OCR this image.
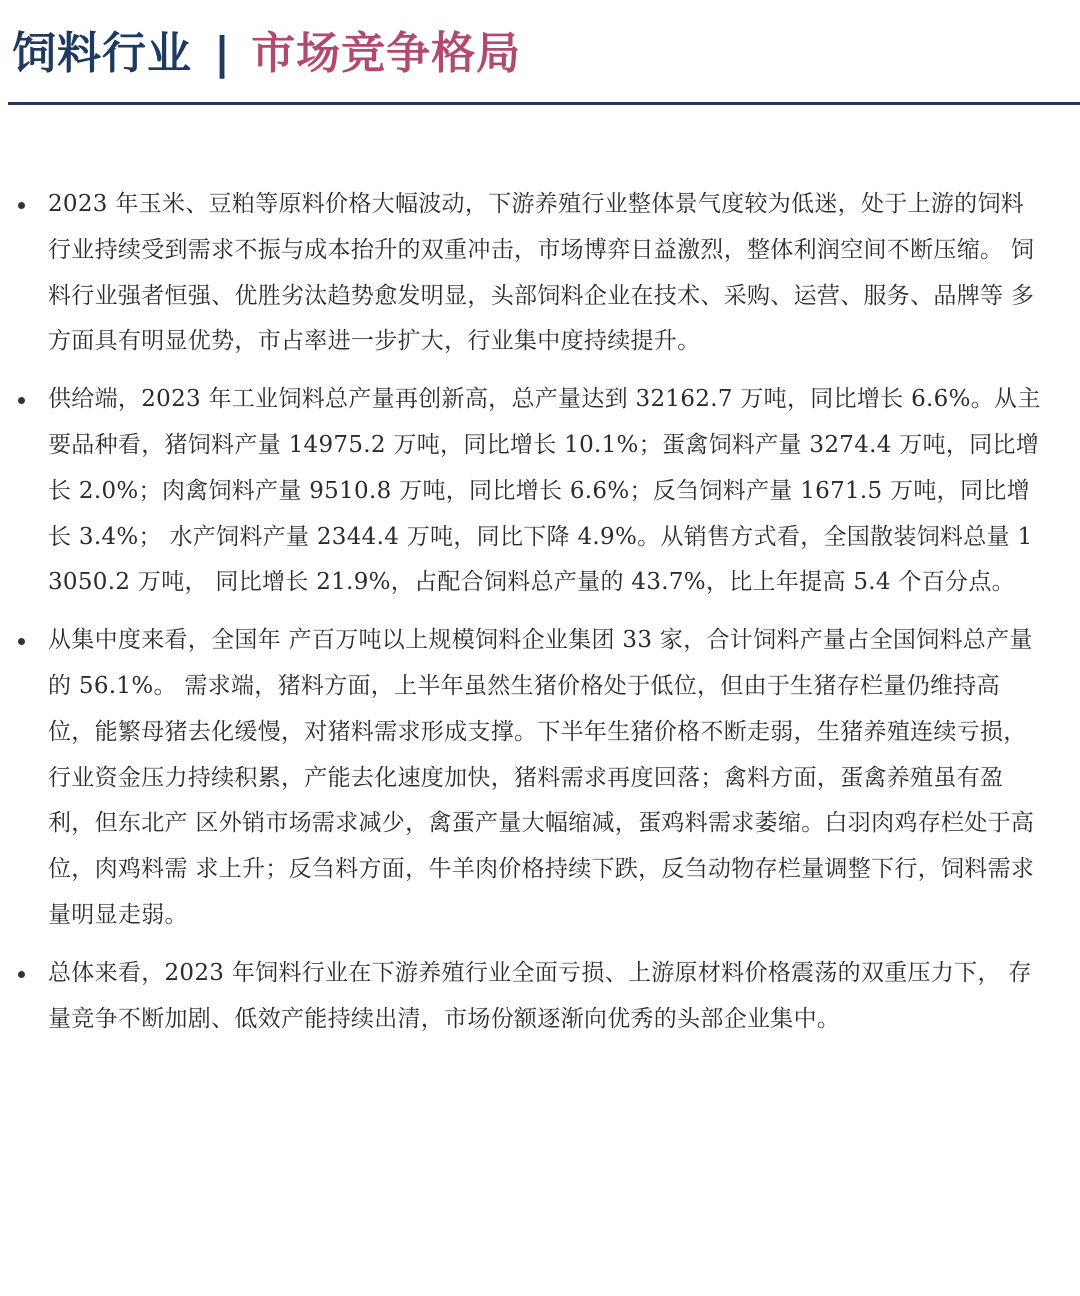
饲料行业 | 市场竞争格局
2023 年玉米、豆粕等原料价格大幅波动，下游养殖行业整体景气度较为低迷，处于上游的饲料行业持续受到需求不振与成本抬升的双重冲击，市场博弈日益激烈，整体利润空间不断压缩。 饲料行业强者恒强、优胜劣汰趋势愈发明显，头部饲料企业在技术、采购、运营、服务、品牌等 多方面具有明显优势，市占率进一步扩大，行业集中度持续提升。
供给端，2023 年工业饲料总产量再创新高，总产量达到 32162.7 万吨，同比增长 6.6%。从主要品种看，猪饲料产量 14975.2 万吨，同比增长 10.1%；蛋禽饲料产量 3274.4 万吨，同比增长 2.0%；肉禽饲料产量 9510.8 万吨，同比增长 6.6%；反刍饲料产量 1671.5 万吨，同比增长 3.4%； 水产饲料产量 2344.4 万吨，同比下降 4.9%。从销售方式看，全国散装饲料总量 13050.2 万吨， 同比增长 21.9%，占配合饲料总产量的 43.7%，比上年提高 5.4 个百分点。
从集中度来看，全国年 产百万吨以上规模饲料企业集团 33 家，合计饲料产量占全国饲料总产量的 56.1%。 需求端，猪料方面，上半年虽然生猪价格处于低位，但由于生猪存栏量仍维持高位，能繁母猪去化缓慢，对猪料需求形成支撑。下半年生猪价格不断走弱，生猪养殖连续亏损，行业资金压力持续积累，产能去化速度加快，猪料需求再度回落；禽料方面，蛋禽养殖虽有盈利，但东北产 区外销市场需求减少，禽蛋产量大幅缩减，蛋鸡料需求萎缩。白羽肉鸡存栏处于高位，肉鸡料需 求上升；反刍料方面，牛羊肉价格持续下跌，反刍动物存栏量调整下行，饲料需求量明显走弱。
总体来看，2023 年饲料行业在下游养殖行业全面亏损、上游原材料价格震荡的双重压力下， 存量竞争不断加剧、低效产能持续出清，市场份额逐渐向优秀的头部企业集中。
